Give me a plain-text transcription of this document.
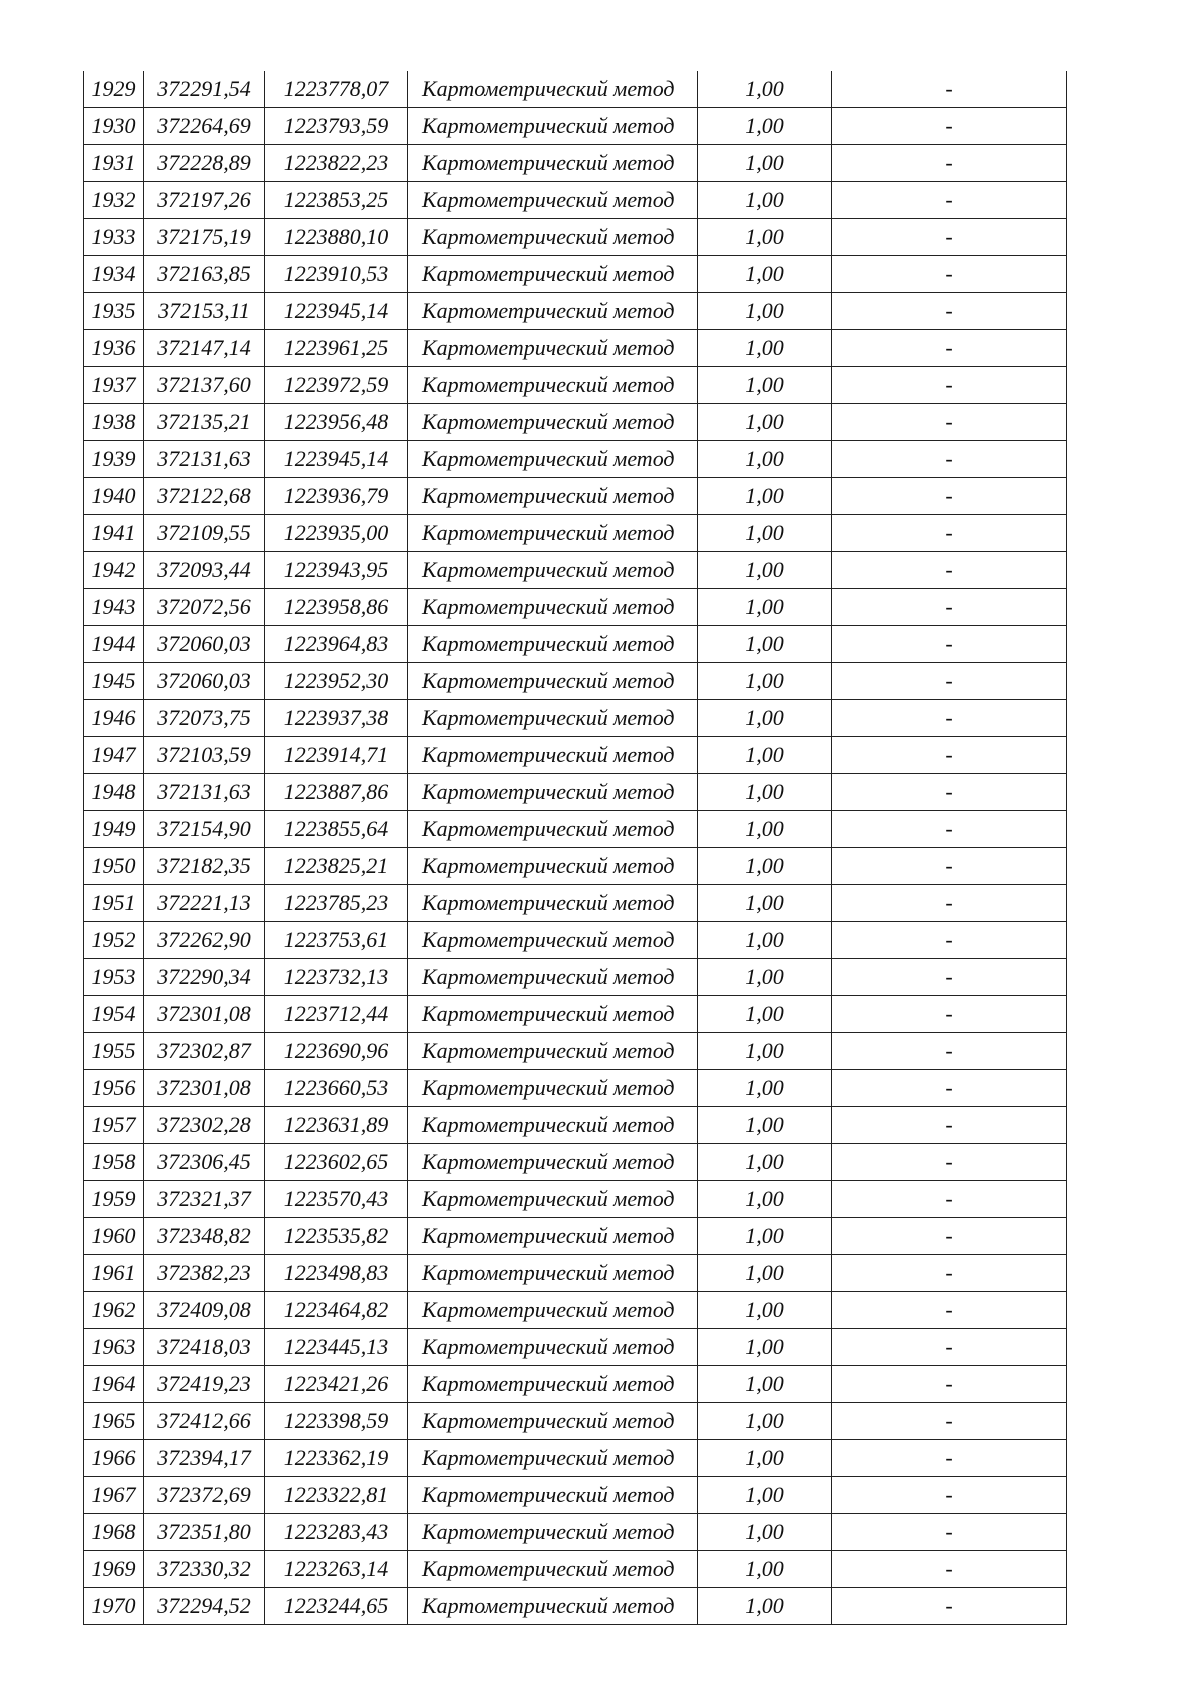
1929	372291,54	1223778,07	Картометрический метод	1,00	-
1930	372264,69	1223793,59	Картометрический метод	1,00	-
1931	372228,89	1223822,23	Картометрический метод	1,00	-
1932	372197,26	1223853,25	Картометрический метод	1,00	-
1933	372175,19	1223880,10	Картометрический метод	1,00	-
1934	372163,85	1223910,53	Картометрический метод	1,00	-
1935	372153,11	1223945,14	Картометрический метод	1,00	-
1936	372147,14	1223961,25	Картометрический метод	1,00	-
1937	372137,60	1223972,59	Картометрический метод	1,00	-
1938	372135,21	1223956,48	Картометрический метод	1,00	-
1939	372131,63	1223945,14	Картометрический метод	1,00	-
1940	372122,68	1223936,79	Картометрический метод	1,00	-
1941	372109,55	1223935,00	Картометрический метод	1,00	-
1942	372093,44	1223943,95	Картометрический метод	1,00	-
1943	372072,56	1223958,86	Картометрический метод	1,00	-
1944	372060,03	1223964,83	Картометрический метод	1,00	-
1945	372060,03	1223952,30	Картометрический метод	1,00	-
1946	372073,75	1223937,38	Картометрический метод	1,00	-
1947	372103,59	1223914,71	Картометрический метод	1,00	-
1948	372131,63	1223887,86	Картометрический метод	1,00	-
1949	372154,90	1223855,64	Картометрический метод	1,00	-
1950	372182,35	1223825,21	Картометрический метод	1,00	-
1951	372221,13	1223785,23	Картометрический метод	1,00	-
1952	372262,90	1223753,61	Картометрический метод	1,00	-
1953	372290,34	1223732,13	Картометрический метод	1,00	-
1954	372301,08	1223712,44	Картометрический метод	1,00	-
1955	372302,87	1223690,96	Картометрический метод	1,00	-
1956	372301,08	1223660,53	Картометрический метод	1,00	-
1957	372302,28	1223631,89	Картометрический метод	1,00	-
1958	372306,45	1223602,65	Картометрический метод	1,00	-
1959	372321,37	1223570,43	Картометрический метод	1,00	-
1960	372348,82	1223535,82	Картометрический метод	1,00	-
1961	372382,23	1223498,83	Картометрический метод	1,00	-
1962	372409,08	1223464,82	Картометрический метод	1,00	-
1963	372418,03	1223445,13	Картометрический метод	1,00	-
1964	372419,23	1223421,26	Картометрический метод	1,00	-
1965	372412,66	1223398,59	Картометрический метод	1,00	-
1966	372394,17	1223362,19	Картометрический метод	1,00	-
1967	372372,69	1223322,81	Картометрический метод	1,00	-
1968	372351,80	1223283,43	Картометрический метод	1,00	-
1969	372330,32	1223263,14	Картометрический метод	1,00	-
1970	372294,52	1223244,65	Картометрический метод	1,00	-
